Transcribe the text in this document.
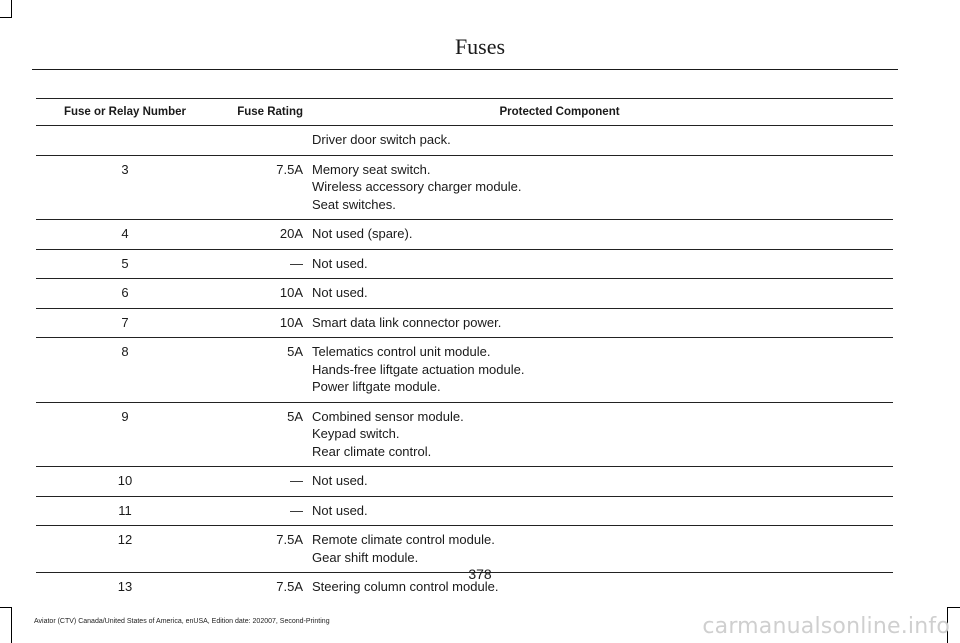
Fuses
Fuse or Relay Number	Fuse Rating	Protected Component
Driver door switch pack.
3	7.5A Memory seat switch.
Wireless accessory charger module.
Seat switches.
4	20A Not used (spare).
5	— Not used.
6	10A Not used.
7	10A Smart data link connector power.
8	5A Telematics control unit module.
Hands-free liftgate actuation module.
Power liftgate module.
9	5A Combined sensor module.
Keypad switch.
Rear climate control.
10	— Not used.
11	— Not used.
12	7.5A Remote climate control module.
Gear shift module.
13	7.5A Steering column control module.
378
Aviator (CTV) Canada/United States of America, enUSA, Edition date: 202007, Second-Printing	carmanualsonline.info
